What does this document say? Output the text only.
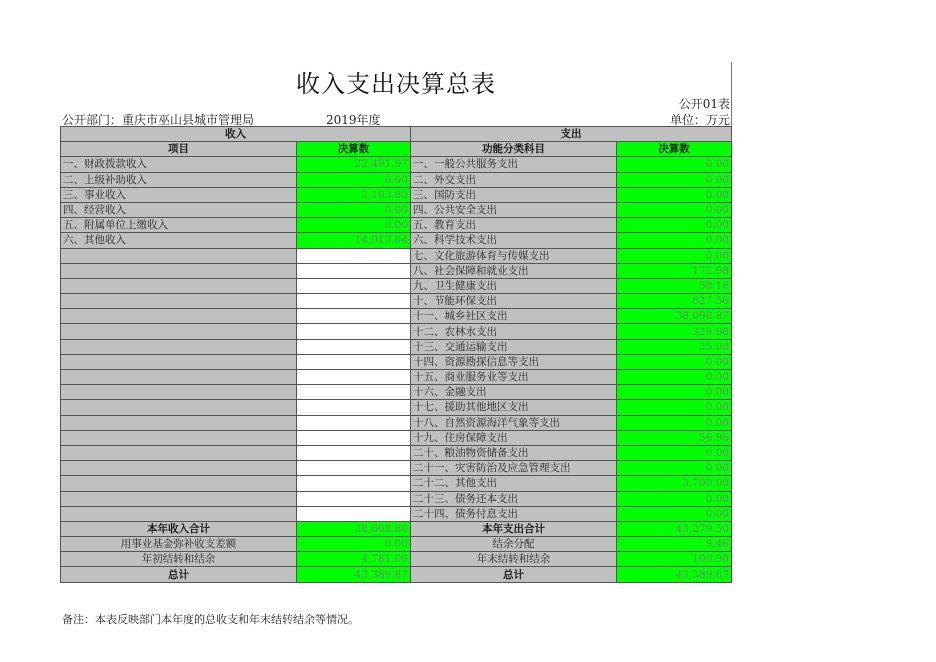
收入支出决算总表
公开01表
公开部门：重庆市巫山县城市管理局	2019年度	单位：万元
收入		支出	
项目	决算数	功能分类科目	决算数
一、财政拨款收入	22,491.97	一、一般公共服务支出	0.00
二、上级补助收入	0.00	二、外交支出	0.00
三、事业收入	2,103.80	三、国防支出	0.00
四、经营收入	0.00	四、公共安全支出	0.00
五、附属单位上缴收入	0.00	五、教育支出	0.00
六、其他收入	14,013.04	六、科学技术支出	0.00
		七、文化旅游体育与传媒支出	0.00
		八、社会保障和就业支出	172.98
		九、卫生健康支出	58.16
		十、节能环保支出	827.56
		十一、城乡社区支出	38,098.87
		十二、农林水支出	329.98
		十三、交通运输支出	35.00
		十四、资源勘探信息等支出	0.00
		十五、商业服务业等支出	0.00
		十六、金融支出	0.00
		十七、援助其他地区支出	0.00
		十八、自然资源海洋气象等支出	0.00
		十九、住房保障支出	56.96
		二十、粮油物资储备支出	0.00
		二十一、灾害防治及应急管理支出	0.00
		二十二、其他支出	3,700.00
		二十三、债务还本支出	0.00
		二十四、债务付息支出	0.00
本年收入合计	38,608.80	本年支出合计	43,279.50
用事业基金弥补收支差额	0.00	结余分配	9.46
年初结转和结余	4,781.06	年末结转和结余	100.90
总计	43,389.87	总计	43,389.87
备注：本表反映部门本年度的总收支和年末结转结余等情况。
